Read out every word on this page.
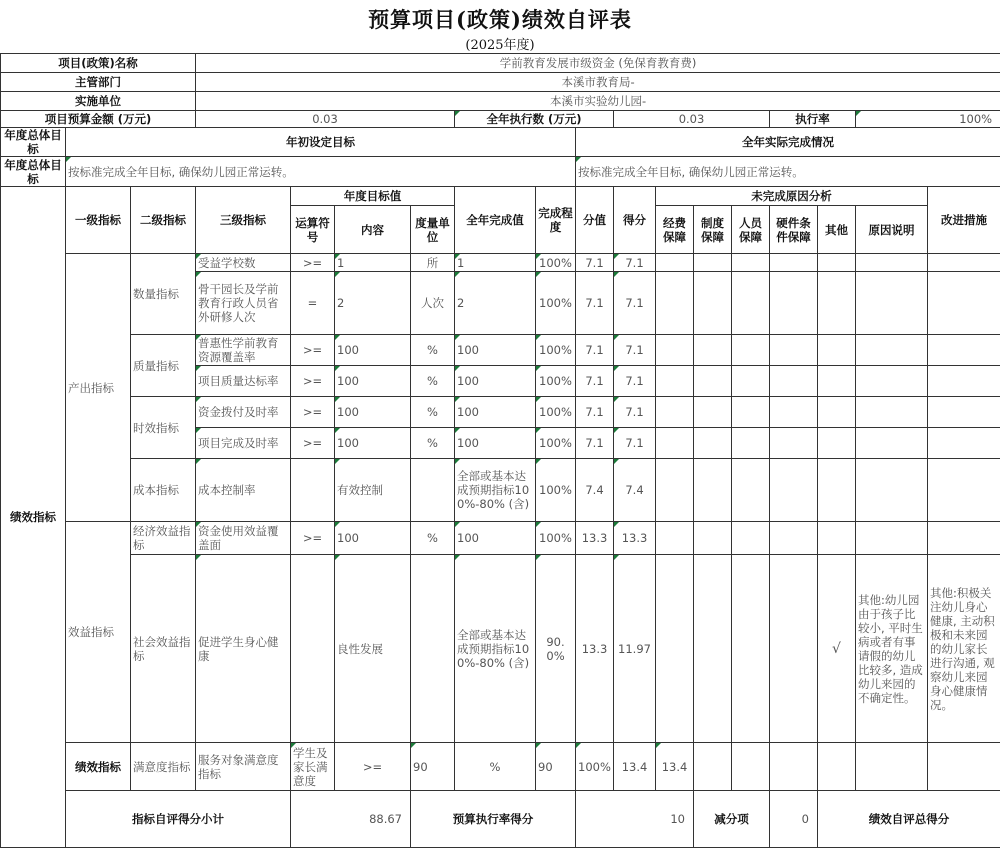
预算项目(政策)绩效自评表
(2025年度)
项目(政策)名称			学前教育发展市级资金 (免保育教育费)															
主管部门			本溪市教育局-															
实施单位			本溪市实验幼儿园-															
项目预算金额 (万元)			0.03				全年执行数 (万元)			0.03				执行率		100%		
年度总体目标	年初设定目标								全年实际完成情况									
年度总体目标	按标准完成全年目标, 确保幼儿园正常运转。								按标准完成全年目标, 确保幼儿园正常运转。									
绩效指标	一级指标	二级指标	三级指标	年度目标值			全年完成值	完成程度	分值	得分	未完成原因分析						改进措施	
				运算符号	内容	度量单位					经费保障	制度保障	人员保障	硬件条件保障	其他	原因说明		
	产出指标	数量指标	受益学校数	>=	1	所	1	100%	7.1	7.1								
			骨干园长及学前教育行政人员省外研修人次	=	2	人次	2	100%	7.1	7.1								
		质量指标	普惠性学前教育资源覆盖率	>=	100	%	100	100%	7.1	7.1								
			项目质量达标率	>=	100	%	100	100%	7.1	7.1								
		时效指标	资金拨付及时率	>=	100	%	100	100%	7.1	7.1								
			项目完成及时率	>=	100	%	100	100%	7.1	7.1								
		成本指标	成本控制率		有效控制		全部或基本达成预期指标100%-80% (含)	100%	7.4	7.4								
	效益指标	经济效益指标	资金使用效益覆盖面	>=	100	%	100	100%	13.3	13.3								
		社会效益指标	促进学生身心健康		良性发展		全部或基本达成预期指标100%-80% (含)	90.0%	13.3	11.97					√	其他:幼儿园由于孩子比较小, 平时生病或者有事请假的幼儿比较多, 造成幼儿来园的不确定性。	其他:积极关注幼儿身心健康, 主动积极和未来园的幼儿家长进行沟通, 观察幼儿来园身心健康情况。	
	绩效指标	满意度指标	服务对象满意度指标	学生及家长满意度	>=	90	%	90	100%	13.4	13.4							
	指标自评得分小计			88.67		预算执行率得分			10			减分项		0	绩效自评总得分	
